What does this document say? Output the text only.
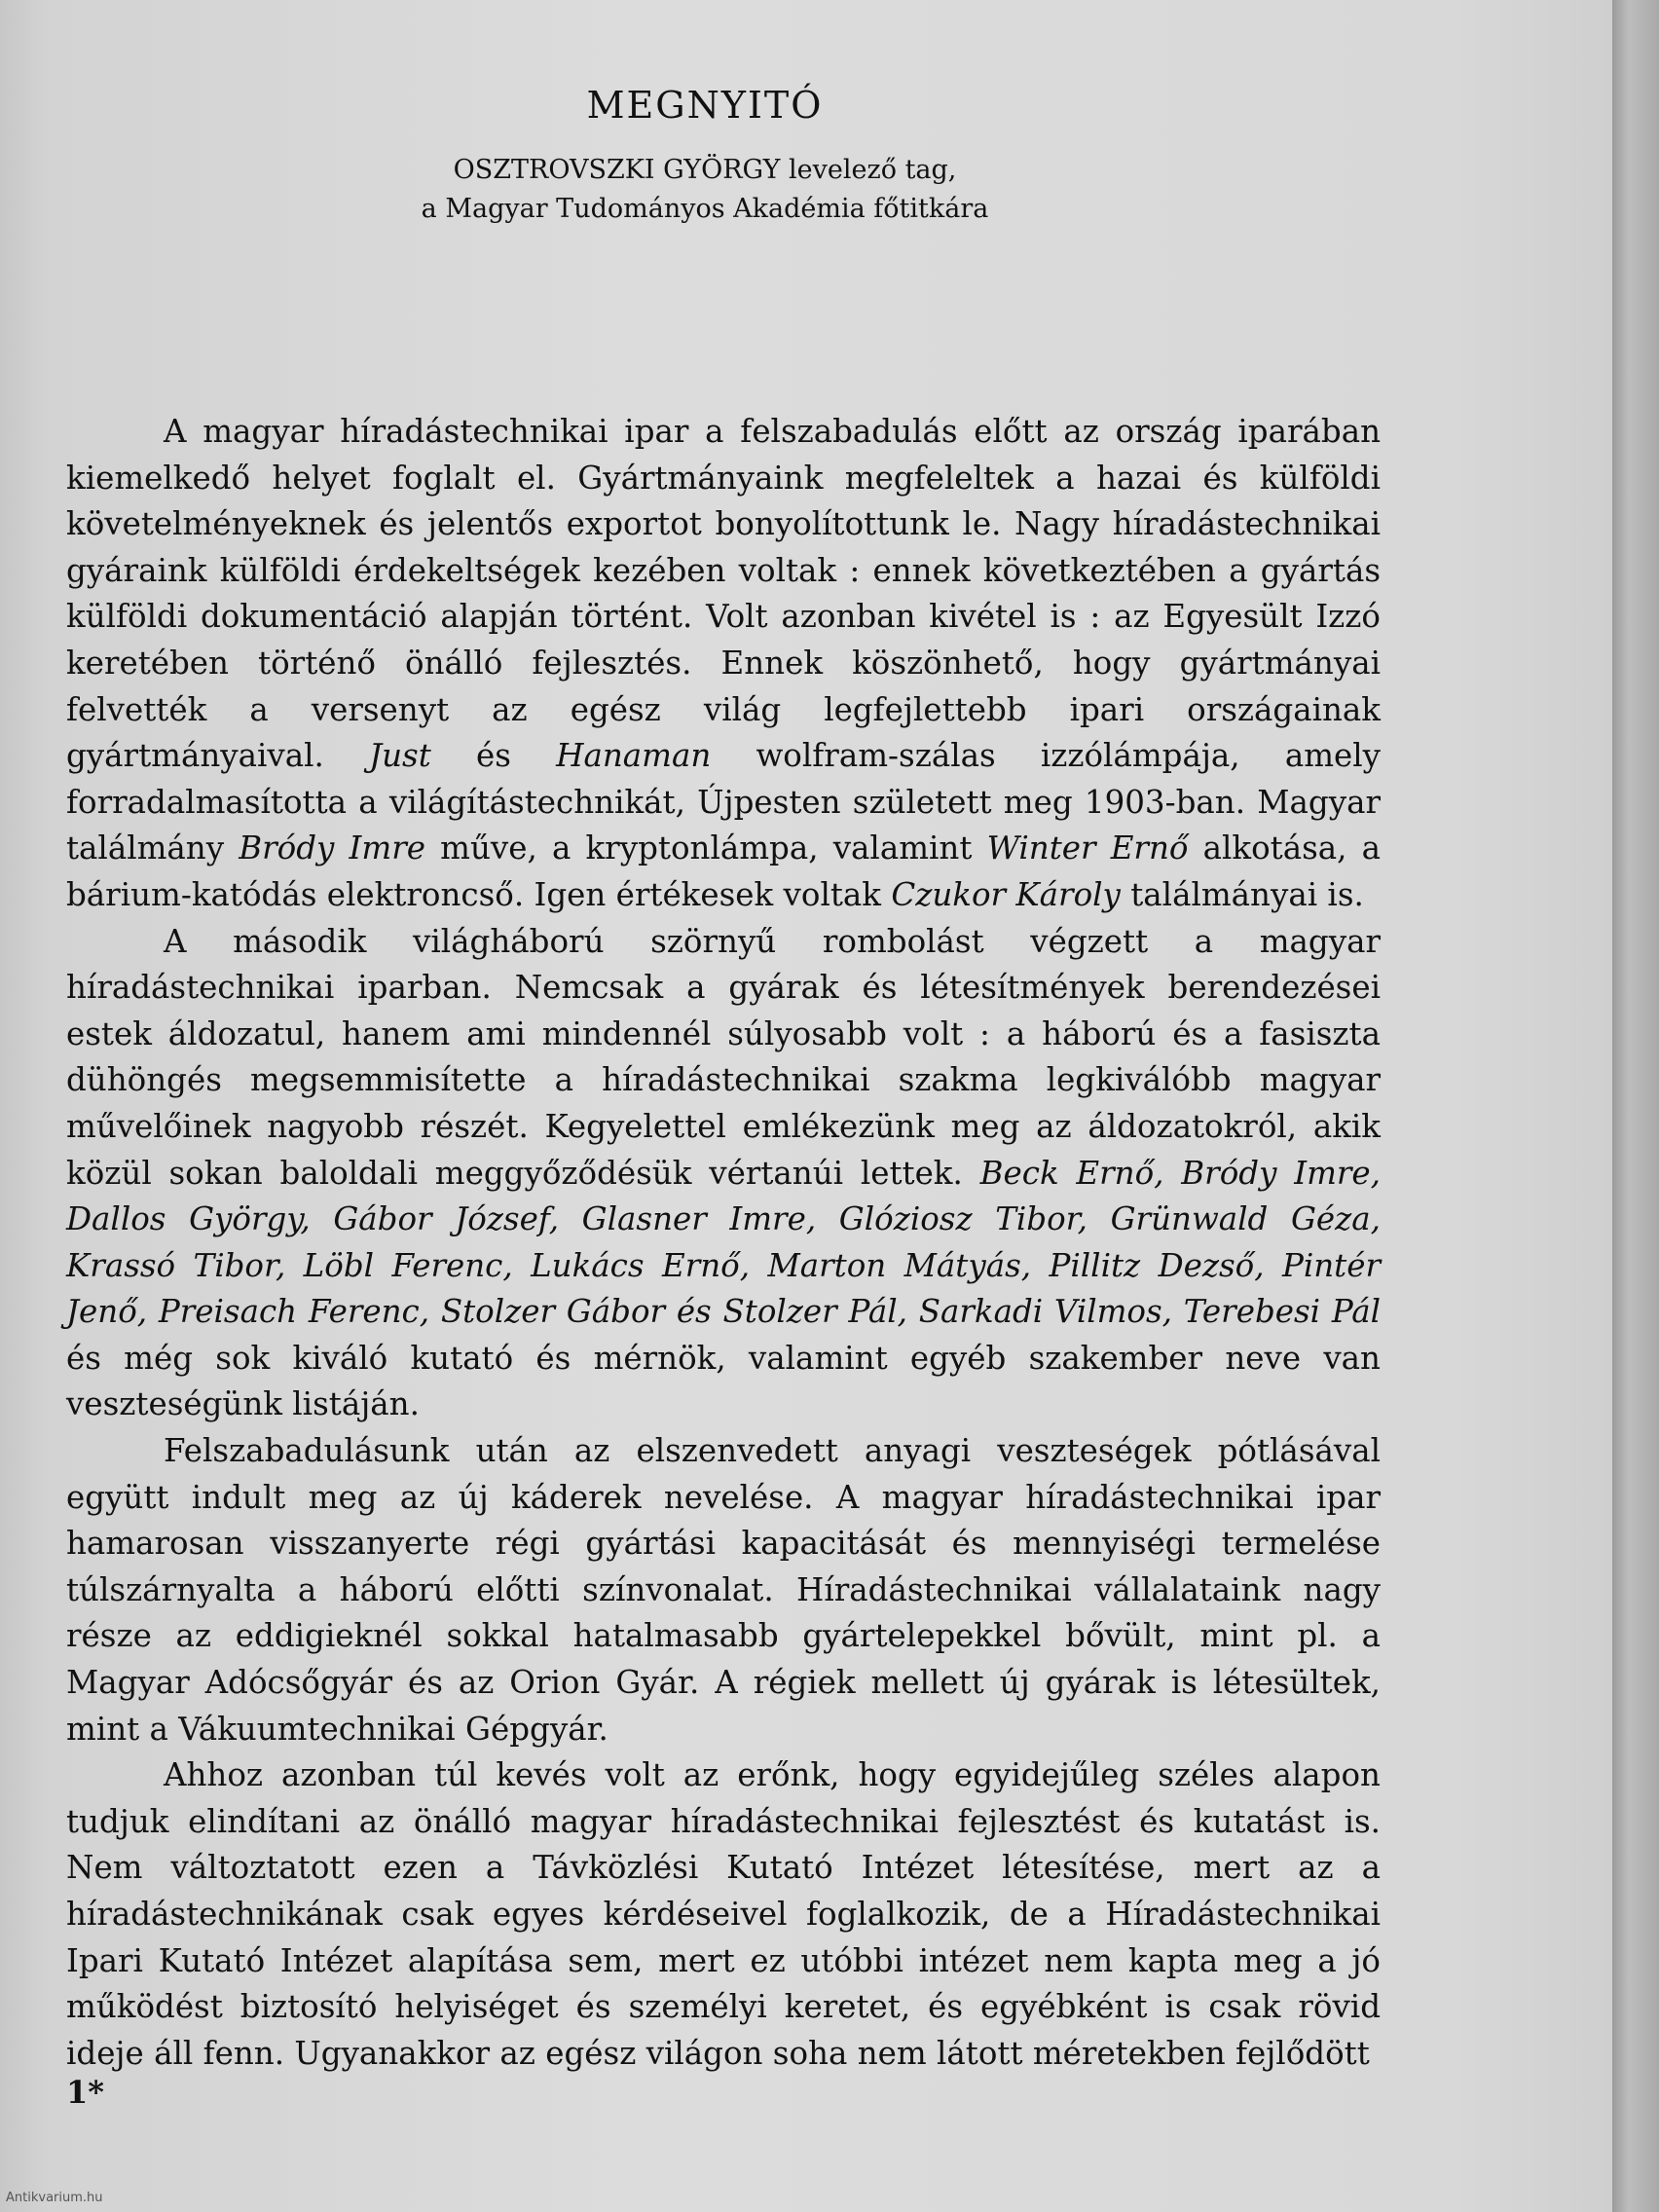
MEGNYITÓ
OSZTROVSZKI GYÖRGY levelező tag,
a Magyar Tudományos Akadémia főtitkára

A magyar híradástechnikai ipar a felszabadulás előtt az ország iparában kiemelkedő helyet foglalt el. Gyártmányaink megfeleltek a hazai és külföldi követelményeknek és jelentős exportot bonyolítottunk le. Nagy híradástechnikai gyáraink külföldi érdekeltségek kezében voltak : ennek következtében a gyártás külföldi dokumentáció alapján történt. Volt azonban kivétel is : az Egyesült Izzó keretében történő önálló fejlesztés. Ennek köszönhető, hogy gyártmányai felvették a versenyt az egész világ legfejlettebb ipari országainak gyártmányaival. Just és Hanaman wolfram-szálas izzólámpája, amely forradalmasította a világítástechnikát, Újpesten született meg 1903-ban. Magyar találmány Bródy Imre műve, a kryptonlámpa, valamint Winter Ernő alkotása, a bárium-katódás elektroncső. Igen értékesek voltak Czukor Károly találmányai is.

A második világháború szörnyű rombolást végzett a magyar híradástechnikai iparban. Nemcsak a gyárak és létesítmények berendezései estek áldozatul, hanem ami mindennél súlyosabb volt : a háború és a fasiszta dühöngés megsemmisítette a híradástechnikai szakma legkiválóbb magyar művelőinek nagyobb részét. Kegyelettel emlékezünk meg az áldozatokról, akik közül sokan baloldali meggyőződésük vértanúi lettek. Beck Ernő, Bródy Imre, Dallos György, Gábor József, Glasner Imre, Glóziosz Tibor, Grünwald Géza, Krassó Tibor, Löbl Ferenc, Lukács Ernő, Marton Mátyás, Pillitz Dezső, Pintér Jenő, Preisach Ferenc, Stolzer Gábor és Stolzer Pál, Sarkadi Vilmos, Terebesi Pál és még sok kiváló kutató és mérnök, valamint egyéb szakember neve van veszteségünk listáján.

Felszabadulásunk után az elszenvedett anyagi veszteségek pótlásával együtt indult meg az új káderek nevelése. A magyar híradástechnikai ipar hamarosan visszanyerte régi gyártási kapacitását és mennyiségi termelése túlszárnyalta a háború előtti színvonalat. Híradástechnikai vállalataink nagy része az eddigieknél sokkal hatalmasabb gyártelepekkel bővült, mint pl. a Magyar Adócsőgyár és az Orion Gyár. A régiek mellett új gyárak is létesültek, mint a Vákuumtechnikai Gépgyár.

Ahhoz azonban túl kevés volt az erőnk, hogy egyidejűleg széles alapon tudjuk elindítani az önálló magyar híradástechnikai fejlesztést és kutatást is. Nem változtatott ezen a Távközlési Kutató Intézet létesítése, mert az a híradástechnikának csak egyes kérdéseivel foglalkozik, de a Híradástechnikai Ipari Kutató Intézet alapítása sem, mert ez utóbbi intézet nem kapta meg a jó működést biztosító helyiséget és személyi keretet, és egyébként is csak rövid ideje áll fenn. Ugyanakkor az egész világon soha nem látott méretekben fejlődött

1*
Antikvarium.hu
